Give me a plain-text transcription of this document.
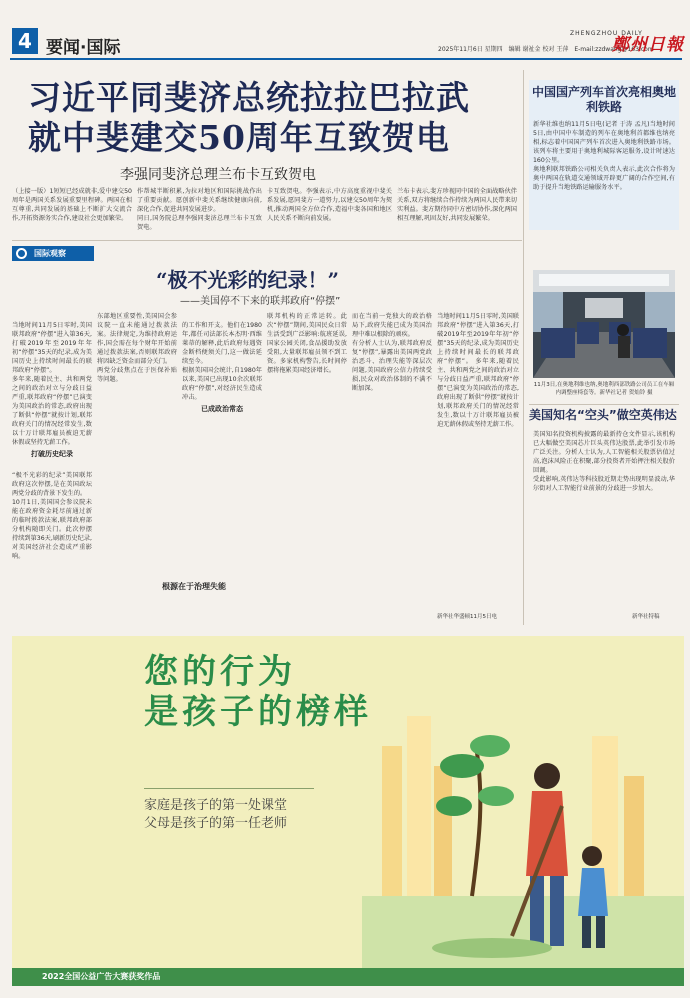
4 要闻·国际	2025年11月6日 星期四　编辑 谢祉金 校对 王萍　E-mail:zzdwang@163.com
ZHENGZHOU DAILY
鄭州日報
习近平同斐济总统拉拉巴拉武
就中斐建交50周年互致贺电
李强同斐济总理兰布卡互致贺电
（上接一版）1短短已经成就非,爱中建交50周年是两国关系发展重要里程碑。两国在相互尊重,共同发展的基础上不断扩大交流合作,开拓资源务实合作,建设社会更加繁荣。
作帮城半断积累,为拉对地区和国际挑战作出了重要贡献。愿创新中斐关系继续健康向前,深化合作,促进共同发展进步。
同日,国务院总理李强同斐济总理兰布卡互致贺电。
卡互致贺电。李强表示,中方高度重视中斐关系发展,愿同斐方一道努力,以建交50周年为契机,推动两国全方位合作,造福中斐各国和地区人民关系不断向前发展。
兰布卡表示,斐方珍视同中国的全面战略伙伴关系,双方将继续合作持续为两国人民带来切实利益。斐方期待同中方密切协作,深化两国相互理解,巩固友好,共同发展繁荣。
国际观察
“极不光彩的纪录！”
——美国停不下来的联邦政府“停摆”

当地时间11月5日零时,美国联邦政府“停摆”进入第36天,打破2019年至2019年年初“停摆”35天的纪录,成为美国历史上持续时间最长的联邦政府“停摆”。
多年来,随着民主、共和两党之间的政治对立与分歧日益严重,联邦政府“停摆”已演变为美国政治的常态,政府出现了断供“停摆”就按计划,联邦政府关门的情况经常发生,数以十万计联邦雇员被迫无薪休假或坚持无薪工作。

打破历史纪录

“极不光彩的纪录”美国联邦政府这次停摆,是在美国政坛两党分歧的背景下发生的。
10月1日,美国国会参议院未能在政府资金耗尽前通过新的临时拨款法案,联邦政府部分机构随即关门。此次停摆持续到第36天,刷新历史纪录,对美国经济社会造成严重影响。

东部地区重要性,美国国会参议院一直未能通过拨款法案。法律规定,为维持政府运作,国会需在每个财年开始前通过拨款法案,否则联邦政府将因缺乏资金而部分关门。
两党分歧焦点在于医保补贴等问题。

的工作和开支。他们在1980年,都任司法部长本杰明·西维莱蒂的解释,此后政府每遇资金断档便须关门,这一做法延续至今。
根据美国国会统计,自1980年以来,美国已出现10余次联邦政府“停摆”,对经济民生造成冲击。

已成政治常态

联邦机构的正常运转。此次“停摆”期间,美国民众日常生活受到广泛影响:航班延误,国家公园关闭,食品援助发放受阻,大量联邦雇员领不到工资。多家机构警告,长时间停摆将拖累美国经济增长。
根源在于治理失能
而在当前一党独大的政治格局下,政府失能已成为美国治理中难以根除的顽疾。
有分析人士认为,联邦政府反复“停摆”,暴露出美国两党政治恶斗、治理失能等深层次问题,美国政府公信力持续受损,民众对政治体制的不满不断加深。
当地时间11月5日零时,美国联邦政府“停摆”进入第36天,打破2019年至2019年年初“停摆”35天的纪录,成为美国历史上持续时间最长的联邦政府“停摆”。 多年来,随着民主、共和两党之间的政治对立与分歧日益严重,联邦政府“停摆”已演变为美国政治的常态,政府出现了断供“停摆”就按计划,联邦政府关门的情况经常发生,数以十万计联邦雇员被迫无薪休假或坚持无薪工作。
新华社华盛顿11月5日电
中国国产列车首次亮相奥地利铁路
新华社维也纳11月5日电(记者 于涛 孟凡)当地时间5日,由中国中车制造的列车在奥地利首都维也纳亮相,标志着中国国产列车首次进入奥地利铁路市场。该列车将主要用于奥地利城际客运服务,设计时速达160公里。
奥地利联邦铁路公司相关负责人表示,此次合作将为奥中两国在轨道交通领域开辟更广阔的合作空间,有助于提升当地铁路运输服务水平。
11月3日,在奥地利维也纳,奥地利西部铁路公司员工在车厢内调整座椅套等。新华社记者 贺灿铃 摄
美国知名“空头”做空英伟达
美国知名投资机构披露的最新持仓文件显示,该机构已大幅做空美国芯片巨头英伟达股票,此举引发市场广泛关注。分析人士认为,人工智能相关股票估值过高,泡沫风险正在积聚,部分投资者开始押注相关股价回调。
受此影响,英伟达等科技股近期走势出现明显波动,华尔街对人工智能行业前景的分歧进一步加大。
新华社特稿
您的行为
是孩子的榜样
家庭是孩子的第一处课堂
父母是孩子的第一任老师
2022全国公益广告大赛获奖作品
